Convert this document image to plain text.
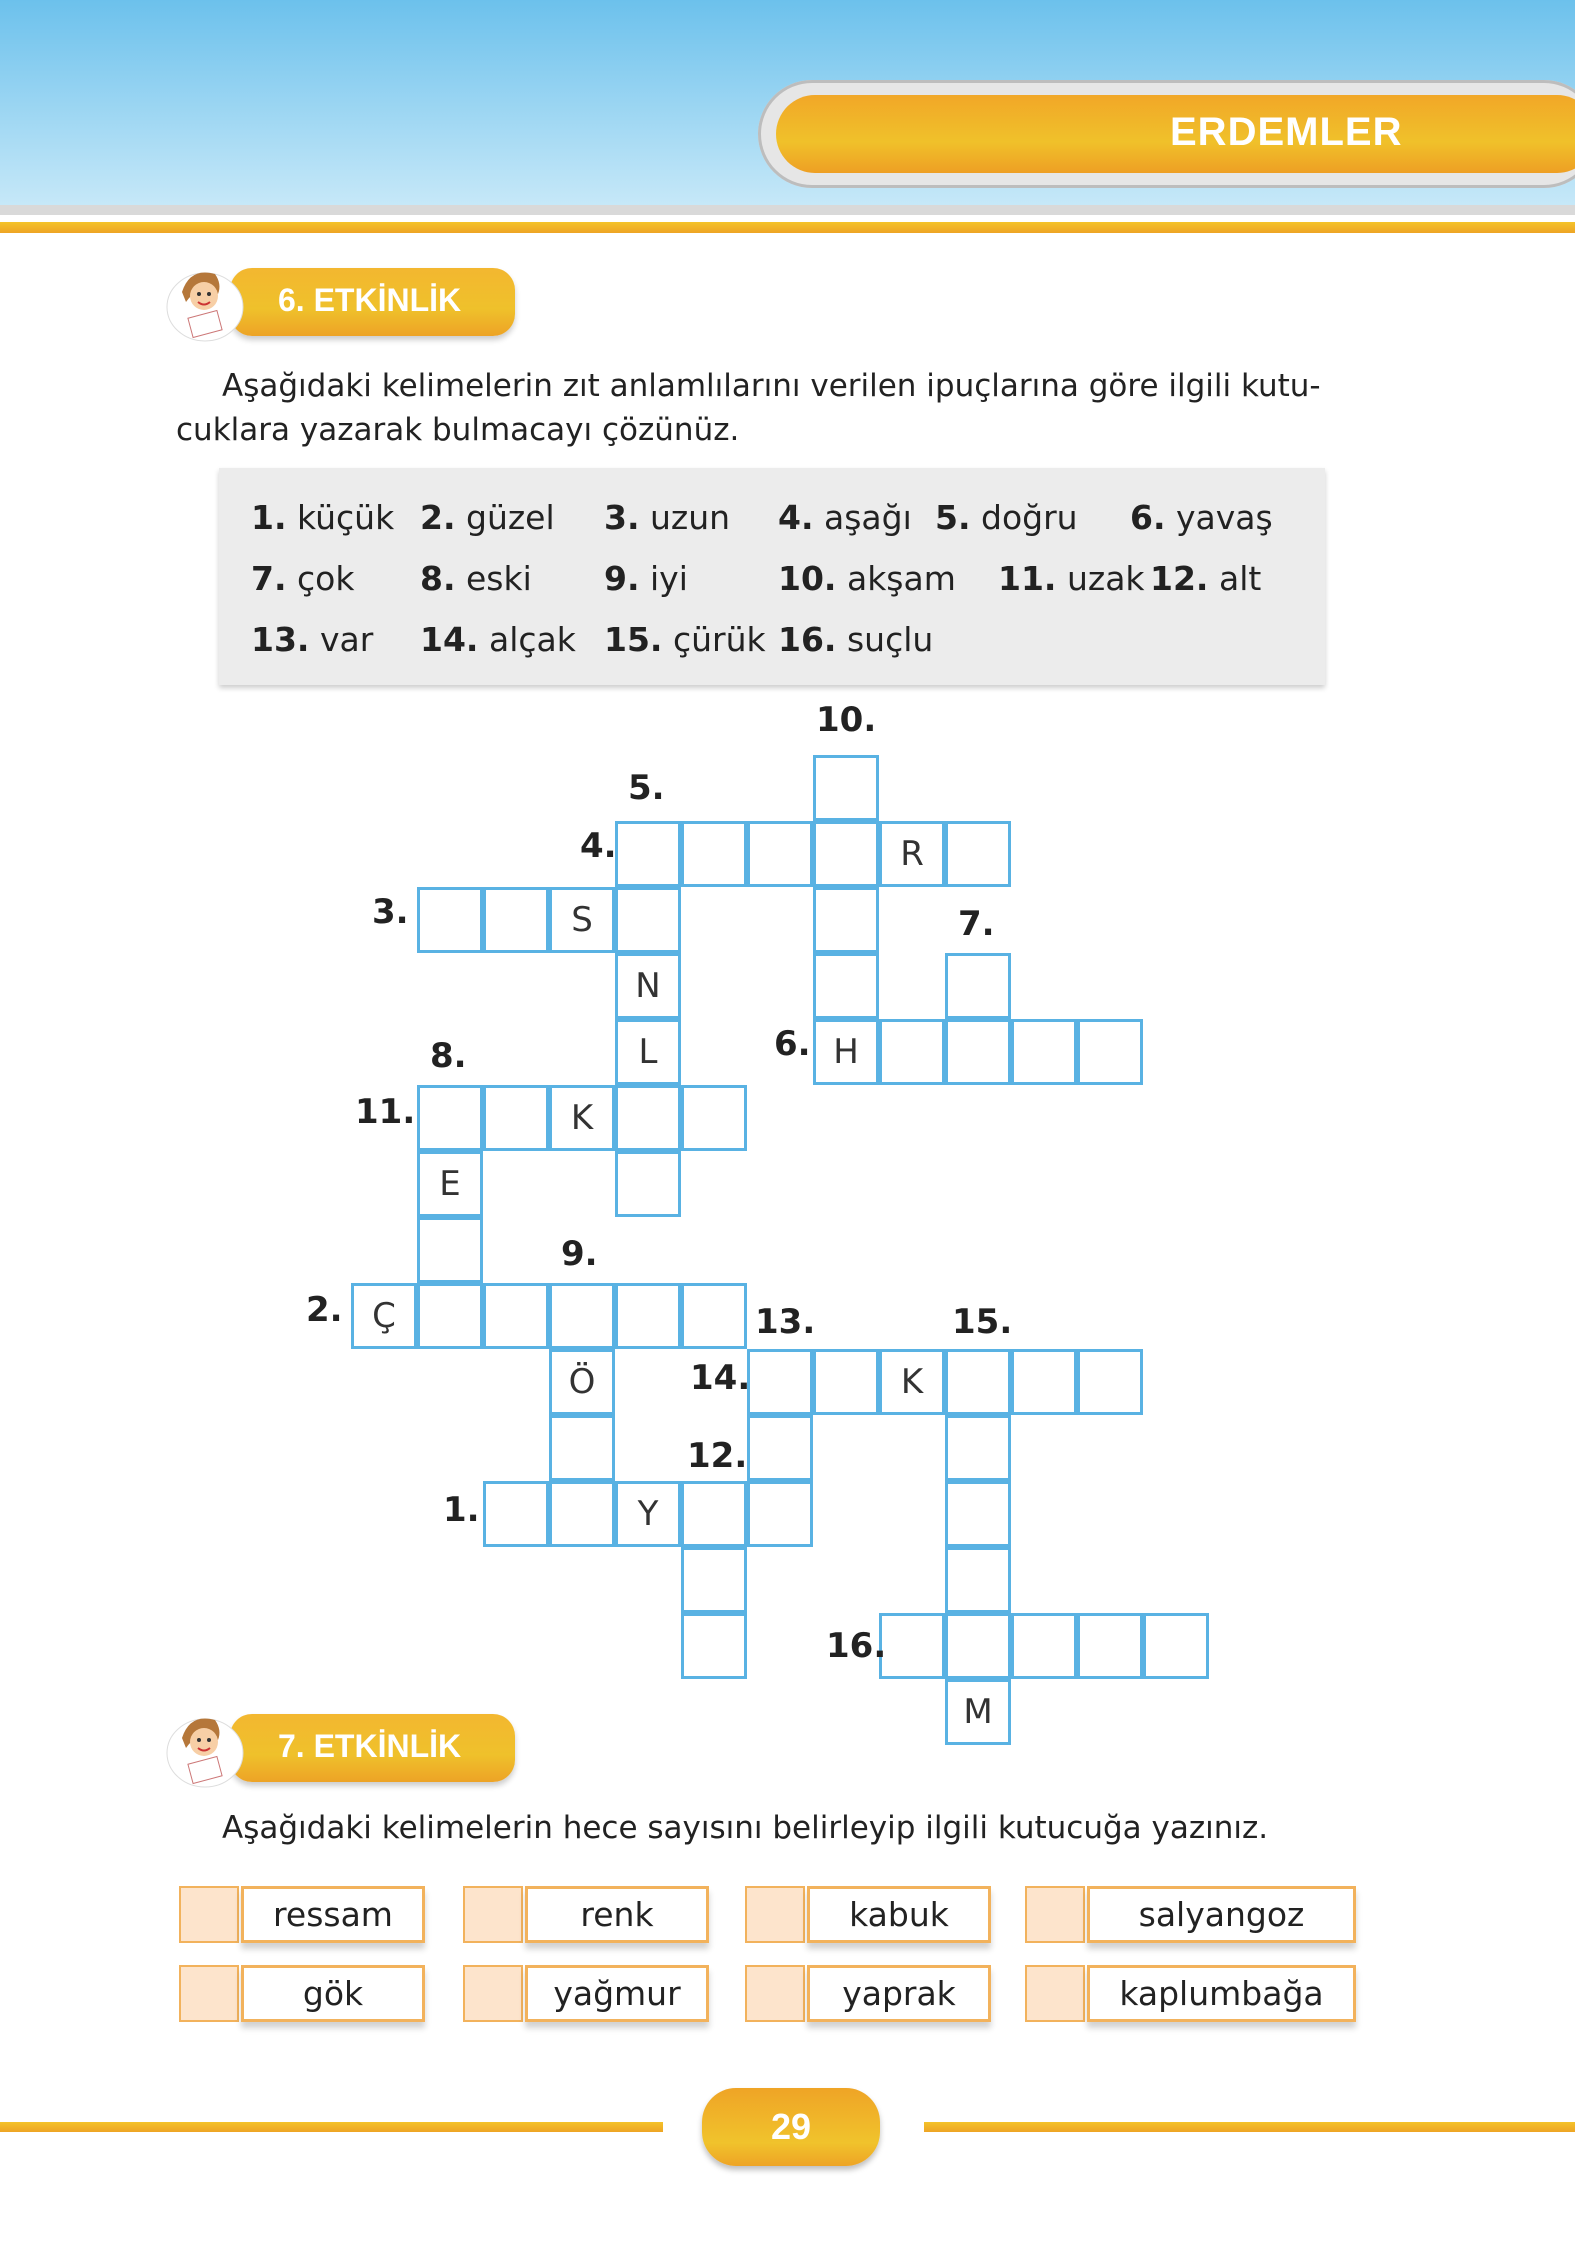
ERDEMLER
6. ETKİNLİK
Aşağıdaki kelimelerin zıt anlamlılarını verilen ipuçlarına göre ilgili kutu-
cuklara yazarak bulmacayı çözünüz.
1. küçük 2. güzel 3. uzun 4. aşağı 5. doğru 6. yavaş
7. çok 8. eski 9. iyi	10. akşam 11. uzak 12. alt
13. var 14. alçak 15. çürük 16. suçlu
H
R
N
L
S
E
K
Ç
Ö
Y
K
M
10.
5.
4.
3.	7.
8.	6.
11.
9.
2.	13.	15.
14.
12.
1.
16.
7. ETKİNLİK
Aşağıdaki kelimelerin hece sayısını belirleyip ilgili kutucuğa yazınız.
ressam	renk	kabuk	salyangoz
gök	yağmur	yaprak	kaplumbağa
29
